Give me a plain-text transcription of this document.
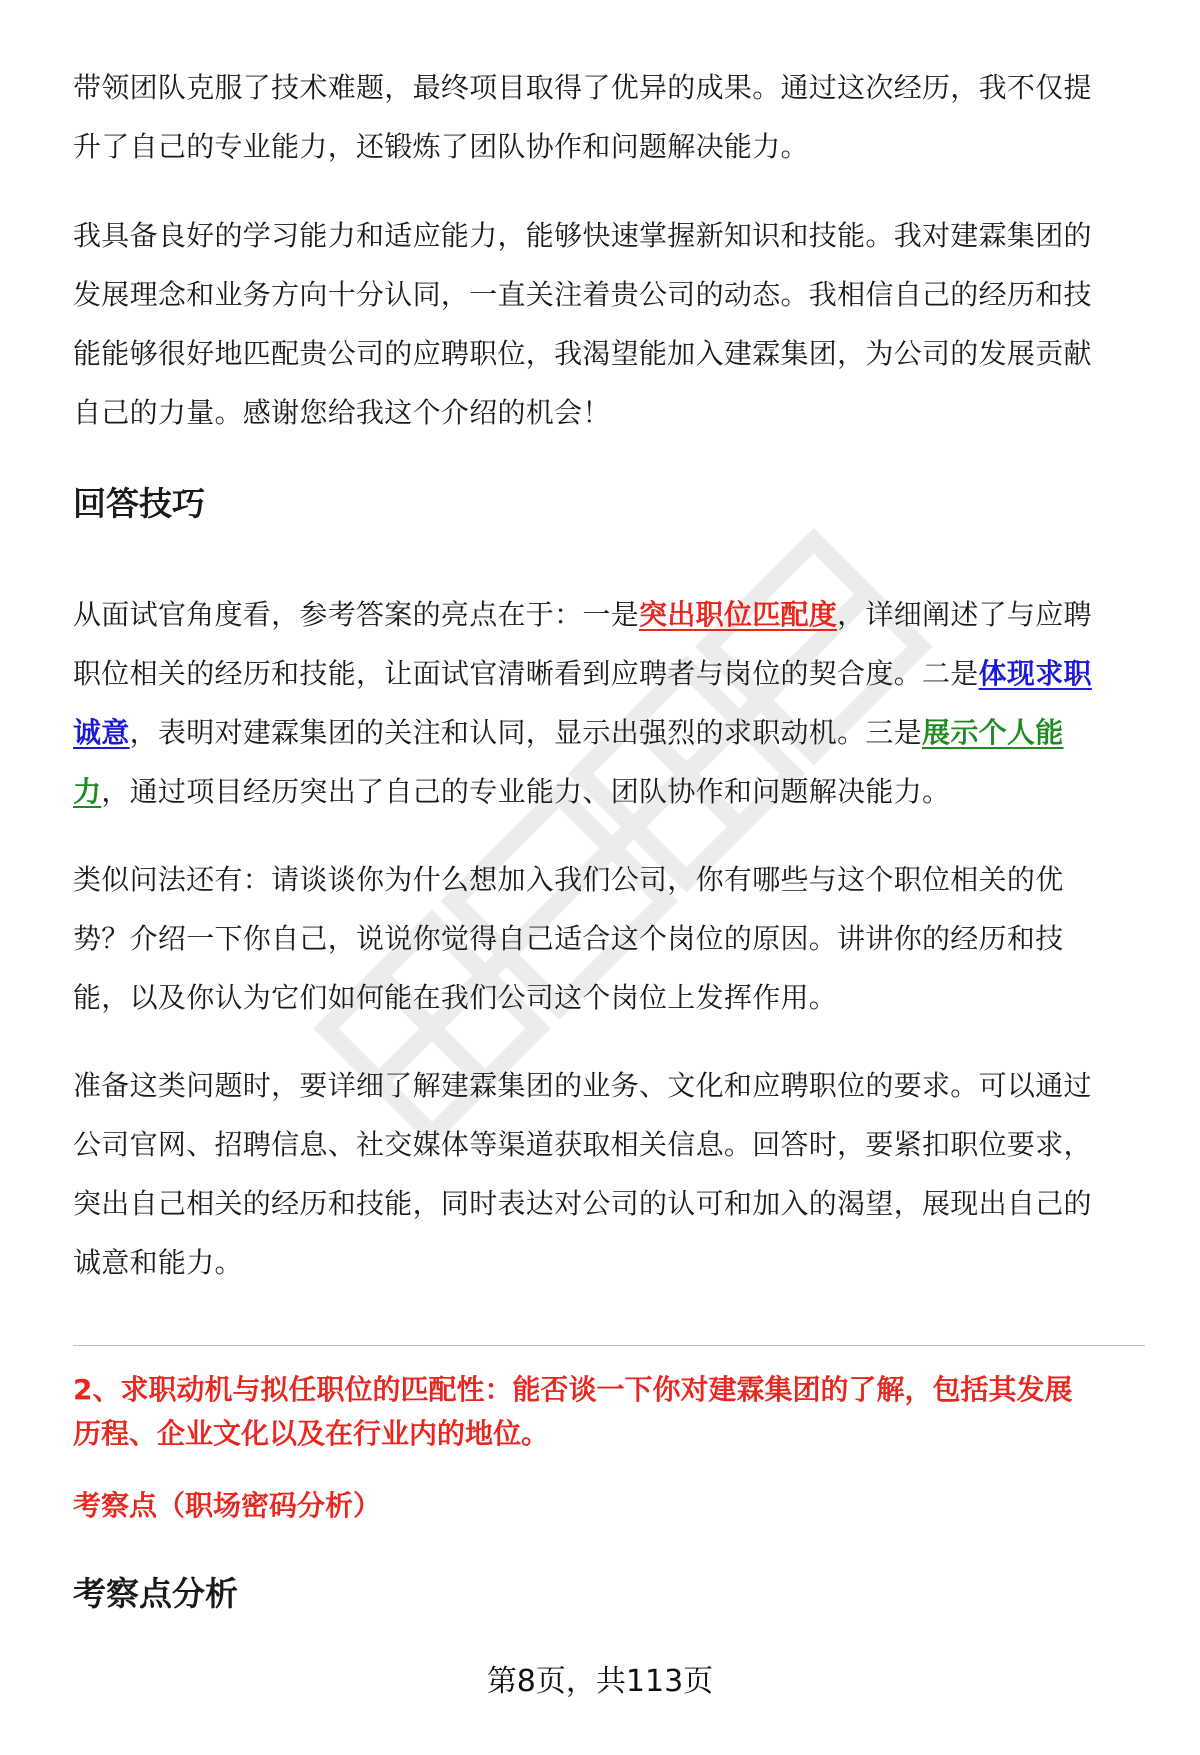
带领团队克服了技术难题，最终项目取得了优异的成果。通过这次经历，我不仅提
升了自己的专业能力，还锻炼了团队协作和问题解决能力。
我具备良好的学习能力和适应能力，能够快速掌握新知识和技能。我对建霖集团的
发展理念和业务方向十分认同，一直关注着贵公司的动态。我相信自己的经历和技
能能够很好地匹配贵公司的应聘职位，我渴望能加入建霖集团，为公司的发展贡献
自己的力量。感谢您给我这个介绍的机会！
回答技巧
从面试官角度看，参考答案的亮点在于：一是突出职位匹配度，详细阐述了与应聘
职位相关的经历和技能，让面试官清晰看到应聘者与岗位的契合度。二是体现求职
诚意，表明对建霖集团的关注和认同，显示出强烈的求职动机。三是展示个人能
力，通过项目经历突出了自己的专业能力、团队协作和问题解决能力。
类似问法还有：请谈谈你为什么想加入我们公司，你有哪些与这个职位相关的优
势？介绍一下你自己，说说你觉得自己适合这个岗位的原因。讲讲你的经历和技
能，以及你认为它们如何能在我们公司这个岗位上发挥作用。
准备这类问题时，要详细了解建霖集团的业务、文化和应聘职位的要求。可以通过
公司官网、招聘信息、社交媒体等渠道获取相关信息。回答时，要紧扣职位要求，
突出自己相关的经历和技能，同时表达对公司的认可和加入的渴望，展现出自己的
诚意和能力。
2、求职动机与拟任职位的匹配性：能否谈一下你对建霖集团的了解，包括其发展
历程、企业文化以及在行业内的地位。

考察点（职场密码分析）

考察点分析
第8页，共113页
